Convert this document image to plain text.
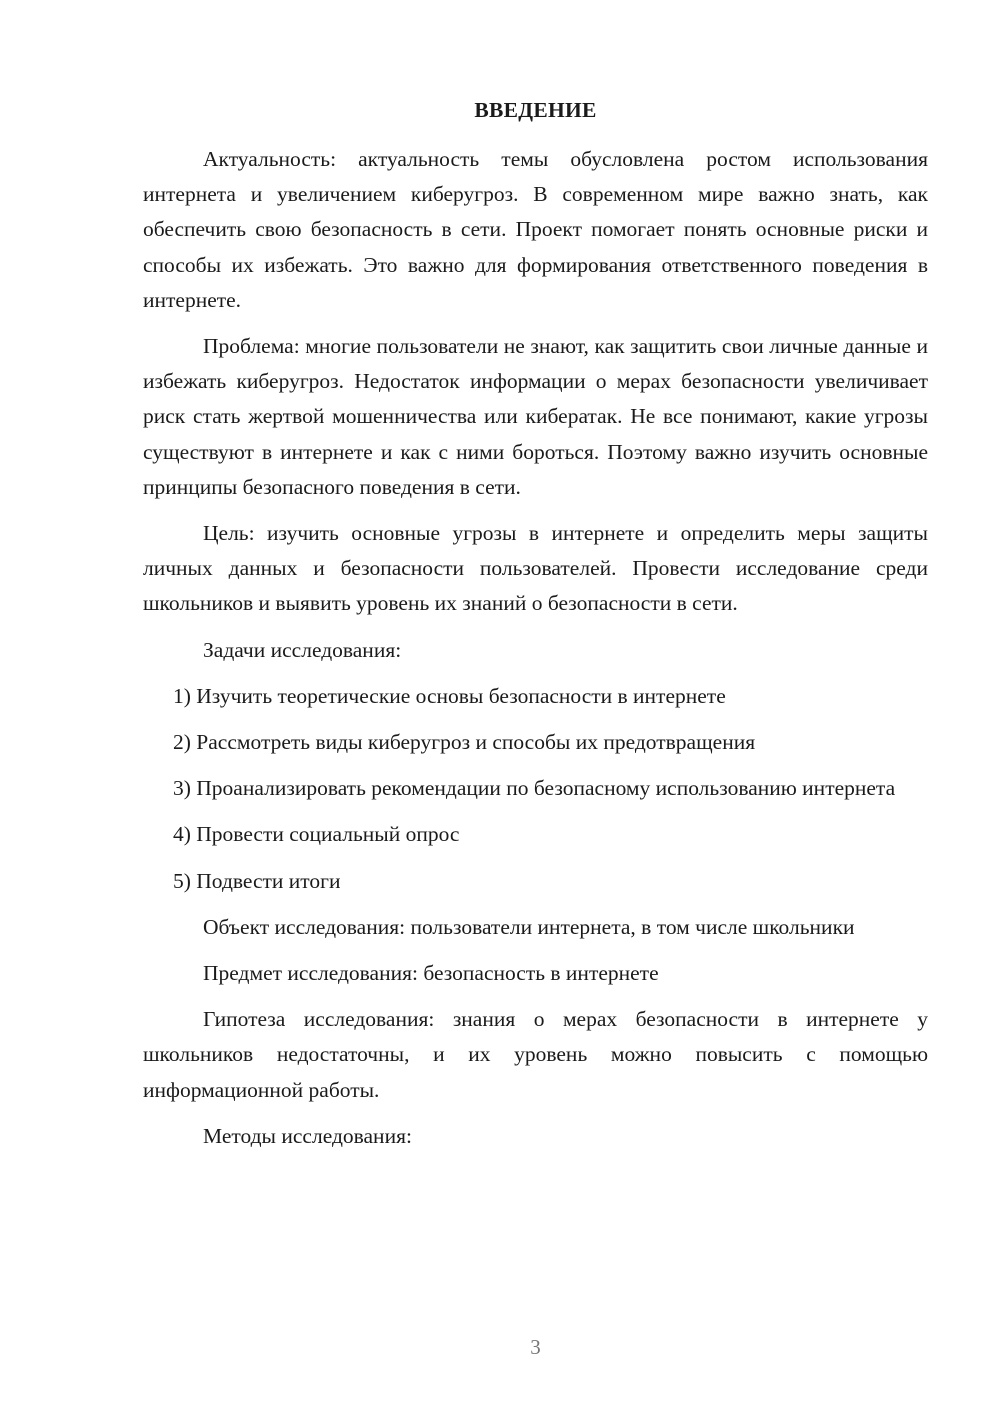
ВВЕДЕНИЕ

Актуальность: актуальность темы обусловлена ростом использования интернета и увеличением киберугроз. В современном мире важно знать, как обеспечить свою безопасность в сети. Проект помогает понять основные риски и способы их избежать. Это важно для формирования ответственного поведения в интернете.

Проблема: многие пользователи не знают, как защитить свои личные данные и избежать киберугроз. Недостаток информации о мерах безопасности увеличивает риск стать жертвой мошенничества или кибератак. Не все понимают, какие угрозы существуют в интернете и как с ними бороться. Поэтому важно изучить основные принципы безопасного поведения в сети.

Цель: изучить основные угрозы в интернете и определить меры защиты личных данных и безопасности пользователей. Провести исследование среди школьников и выявить уровень их знаний о безопасности в сети.

Задачи исследования:

1) Изучить теоретические основы безопасности в интернете

2) Рассмотреть виды киберугроз и способы их предотвращения

3) Проанализировать рекомендации по безопасному использованию интернета

4) Провести социальный опрос

5) Подвести итоги

Объект исследования: пользователи интернета, в том числе школьники

Предмет исследования: безопасность в интернете

Гипотеза исследования: знания о мерах безопасности в интернете у школьников недостаточны, и их уровень можно повысить с помощью информационной работы.

Методы исследования:

3
